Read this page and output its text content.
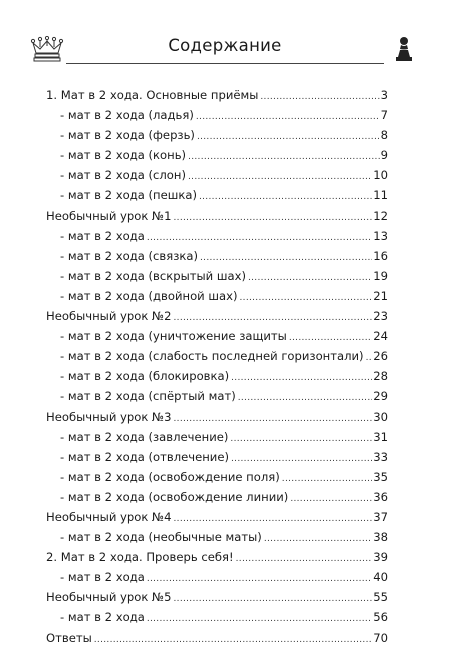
Содержание
1. Мат в 2 хода. Основные приёмы .....	3
- мат в 2 хода (ладья) .....	7
- мат в 2 хода (ферзь) .....	8
- мат в 2 хода (конь) .....	9
- мат в 2 хода (слон) .....	10
- мат в 2 хода (пешка) .....	11
Необычный урок №1 .....	12
- мат в 2 хода .....	13
- мат в 2 хода (связка) .....	16
- мат в 2 хода (вскрытый шах) .....	19
- мат в 2 хода (двойной шах) .....	21
Необычный урок №2 .....	23
- мат в 2 хода (уничтожение защиты .....	24
- мат в 2 хода (слабость последней горизонтали) ..... 26
- мат в 2 хода (блокировка) .....	28
- мат в 2 хода (спёртый мат) .....	29
Необычный урок №3 .....	30
- мат в 2 хода (завлечение) .....	31
- мат в 2 хода (отвлечение) .....	33
- мат в 2 хода (освобождение поля) .....	35
- мат в 2 хода (освобождение линии) .....	36
Необычный урок №4 .....	37
- мат в 2 хода (необычные маты) .....	38
2. Мат в 2 хода. Проверь себя! .....	39
- мат в 2 хода .....	40
Необычный урок №5 .....	55
- мат в 2 хода .....	56
Ответы .....	70
